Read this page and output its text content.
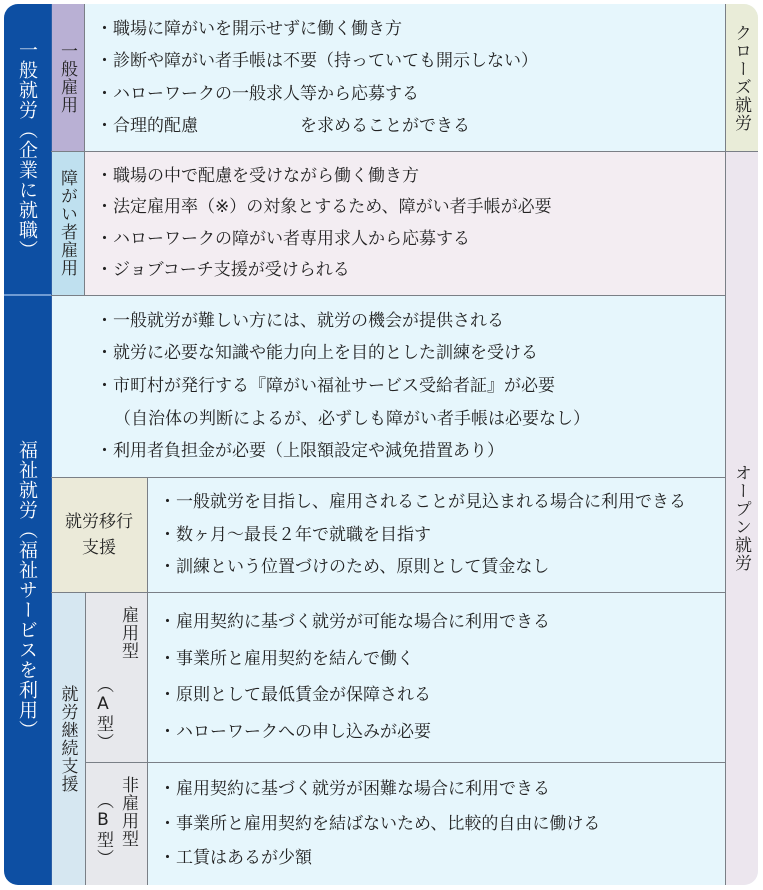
一般就労（企業に就職）
福祉就労（福祉サービスを利用）
クローズ就労
オープン就労
一般雇用
・職場に障がいを開示せずに働く働き方
・診断や障がい者手帳は不要（持っていても開示しない）
・ハローワークの一般求人等から応募する
・合理的配慮　　　　　　を求めることができる
障がい者雇用	・職場の中で配慮を受けながら働く働き方
・法定雇用率（※）の対象とするため、障がい者手帳が必要
・ハローワークの障がい者専用求人から応募する
・ジョブコーチ支援が受けられる
・一般就労が難しい方には、就労の機会が提供される
・就労に必要な知識や能力向上を目的とした訓練を受ける
・市町村が発行する『障がい福祉サービス受給者証』が必要
（自治体の判断によるが、必ずしも障がい者手帳は必要なし）
・利用者負担金が必要（上限額設定や減免措置あり）
就労移行
支援
・一般就労を目指し、雇用されることが見込まれる場合に利用できる
・数ヶ月〜最長２年で就職を目指す
・訓練という位置づけのため、原則として賃金なし
就労継続支援
雇用型
（A型）
・雇用契約に基づく就労が可能な場合に利用できる
・事業所と雇用契約を結んで働く
・原則として最低賃金が保障される
・ハローワークへの申し込みが必要
非雇用型
（B型）
・雇用契約に基づく就労が困難な場合に利用できる
・事業所と雇用契約を結ばないため、比較的自由に働ける
・工賃はあるが少額
